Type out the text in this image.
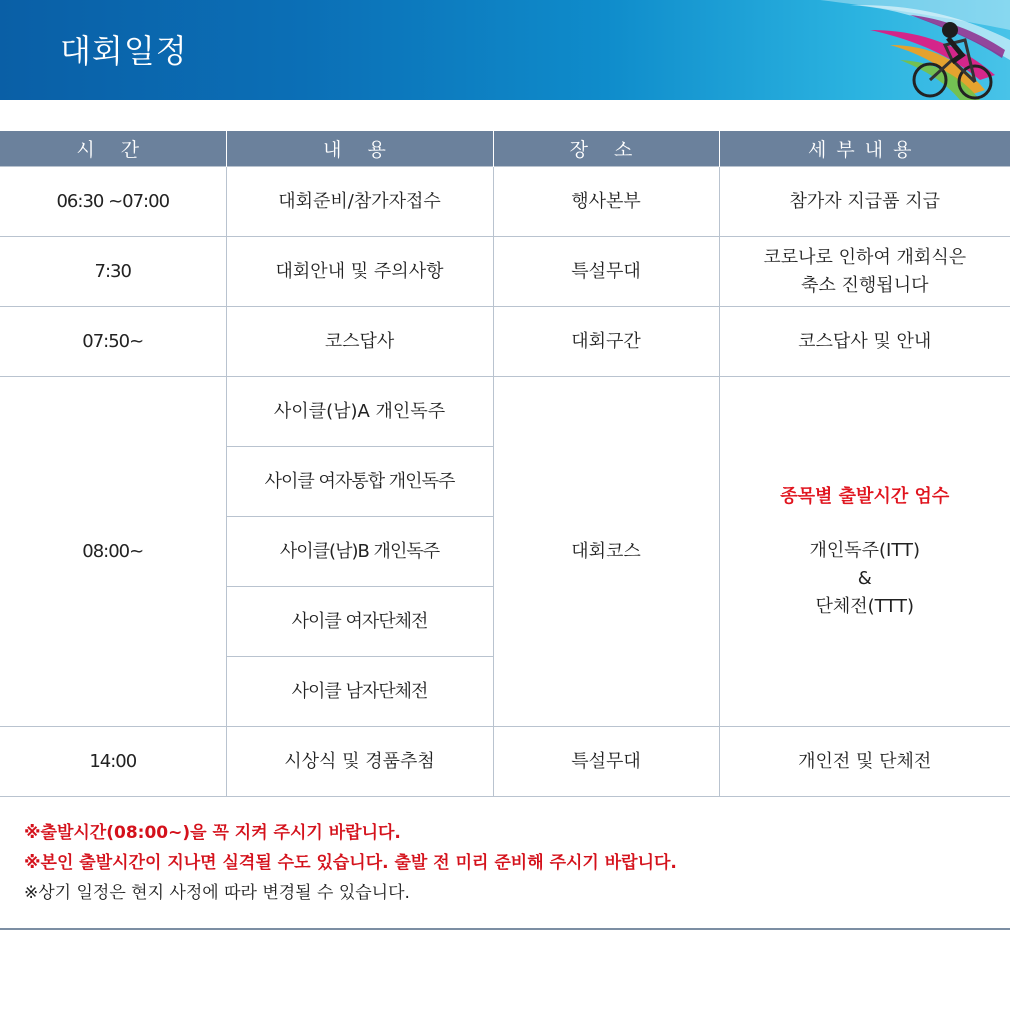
대회일정
시 간	내 용	장 소	세부내용
06:30 ~07:00	대회준비/참가자접수	행사본부	참가자 지급품 지급
7:30	대회안내 및 주의사항	특설무대	코로나로 인하여 개회식은
축소 진행됩니다

07:50~	코스답사	대회구간	코스답사 및 안내
08:00~	사이클(남)A 개인독주	대회코스	종목별 출발시간 엄수
개인독주(ITT)
&
단체전(TTT)

	사이클 여자통합 개인독주		
	사이클(남)B 개인독주		
	사이클 여자단체전		
	사이클 남자단체전		
14:00	시상식 및 경품추첨	특설무대	개인전 및 단체전
※출발시간(08:00~)을 꼭 지켜 주시기 바랍니다.
※본인 출발시간이 지나면 실격될 수도 있습니다. 출발 전 미리 준비해 주시기 바랍니다.
※상기 일정은 현지 사정에 따라 변경될 수 있습니다.
